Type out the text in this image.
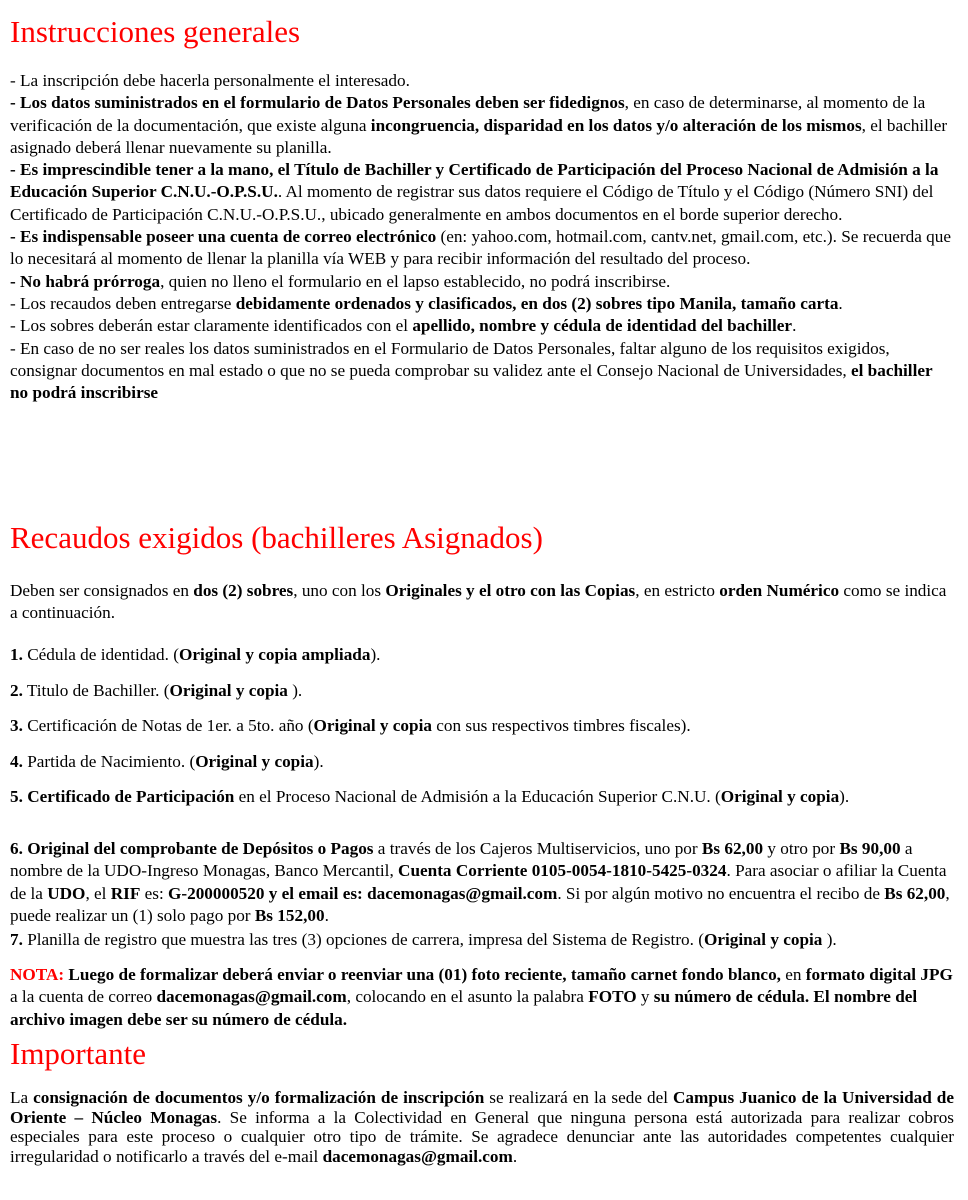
Instrucciones generales
- La inscripción debe hacerla personalmente el interesado.
- Los datos suministrados en el formulario de Datos Personales deben ser fidedignos, en caso de determinarse, al momento de la verificación de la documentación, que existe alguna incongruencia, disparidad en los datos y/o alteración de los mismos, el bachiller asignado deberá llenar nuevamente su planilla.
- Es imprescindible tener a la mano, el Título de Bachiller y Certificado de Participación del Proceso Nacional de Admisión a la Educación Superior C.N.U.-O.P.S.U.. Al momento de registrar sus datos requiere el Código de Título y el Código (Número SNI) del Certificado de Participación C.N.U.-O.P.S.U., ubicado generalmente en ambos documentos en el borde superior derecho.
- Es indispensable poseer una cuenta de correo electrónico (en: yahoo.com, hotmail.com, cantv.net, gmail.com, etc.). Se recuerda que lo necesitará al momento de llenar la planilla vía WEB y para recibir información del resultado del proceso.
- No habrá prórroga, quien no lleno el formulario en el lapso establecido, no podrá inscribirse.
- Los recaudos deben entregarse debidamente ordenados y clasificados, en dos (2) sobres tipo Manila, tamaño carta.
- Los sobres deberán estar claramente identificados con el apellido, nombre y cédula de identidad del bachiller.
- En caso de no ser reales los datos suministrados en el Formulario de Datos Personales, faltar alguno de los requisitos exigidos, consignar documentos en mal estado o que no se pueda comprobar su validez ante el Consejo Nacional de Universidades, el bachiller no podrá inscribirse
Recaudos exigidos (bachilleres Asignados)
Deben ser consignados en dos (2) sobres, uno con los Originales y el otro con las Copias, en estricto orden Numérico como se indica a continuación.
1. Cédula de identidad. (Original y copia ampliada).
2. Titulo de Bachiller. (Original y copia ).
3. Certificación de Notas de 1er. a 5to. año (Original y copia con sus respectivos timbres fiscales).
4. Partida de Nacimiento. (Original y copia).
5. Certificado de Participación en el Proceso Nacional de Admisión a la Educación Superior C.N.U. (Original y copia).
6. Original del comprobante de Depósitos o Pagos a través de los Cajeros Multiservicios, uno por Bs 62,00 y otro por Bs 90,00 a nombre de la UDO-Ingreso Monagas, Banco Mercantil, Cuenta Corriente 0105-0054-1810-5425-0324. Para asociar o afiliar la Cuenta de la UDO, el RIF es: G-200000520 y el email es: dacemonagas@gmail.com. Si por algún motivo no encuentra el recibo de Bs 62,00, puede realizar un (1) solo pago por Bs 152,00.
7. Planilla de registro que muestra las tres (3) opciones de carrera, impresa del Sistema de Registro. (Original y copia ).
NOTA: Luego de formalizar deberá enviar o reenviar una (01) foto reciente, tamaño carnet fondo blanco, en formato digital JPG a la cuenta de correo dacemonagas@gmail.com, colocando en el asunto la palabra FOTO y su número de cédula. El nombre del archivo imagen debe ser su número de cédula.
Importante
La consignación de documentos y/o formalización de inscripción se realizará en la sede del Campus Juanico de la Universidad de Oriente – Núcleo Monagas. Se informa a la Colectividad en General que ninguna persona está autorizada para realizar cobros especiales para este proceso o cualquier otro tipo de trámite. Se agradece denunciar ante las autoridades competentes cualquier irregularidad o notificarlo a través del e-mail dacemonagas@gmail.com.
